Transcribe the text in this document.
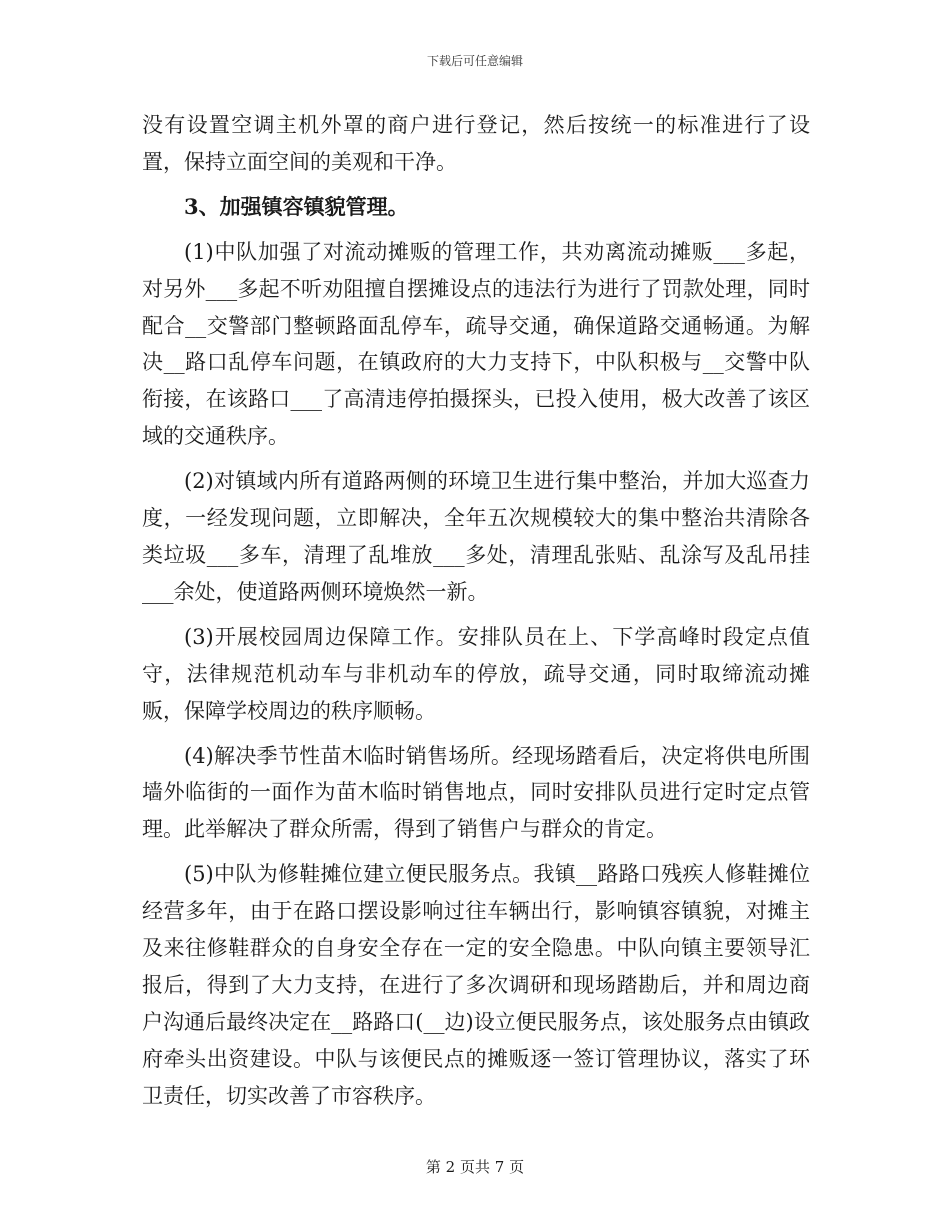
下载后可任意编辑

没有设置空调主机外罩的商户进行登记，然后按统一的标准进行了设置，保持立面空间的美观和干净。

3、加强镇容镇貌管理。

(1)中队加强了对流动摊贩的管理工作，共劝离流动摊贩___多起，对另外___多起不听劝阻擅自摆摊设点的违法行为进行了罚款处理，同时配合__交警部门整顿路面乱停车，疏导交通，确保道路交通畅通。为解决__路口乱停车问题，在镇政府的大力支持下，中队积极与__交警中队衔接，在该路口___了高清违停拍摄探头，已投入使用，极大改善了该区域的交通秩序。

(2)对镇域内所有道路两侧的环境卫生进行集中整治，并加大巡查力度，一经发现问题，立即解决，全年五次规模较大的集中整治共清除各类垃圾___多车，清理了乱堆放___多处，清理乱张贴、乱涂写及乱吊挂___余处，使道路两侧环境焕然一新。

(3)开展校园周边保障工作。安排队员在上、下学高峰时段定点值守，法律规范机动车与非机动车的停放，疏导交通，同时取缔流动摊贩，保障学校周边的秩序顺畅。

(4)解决季节性苗木临时销售场所。经现场踏看后，决定将供电所围墙外临街的一面作为苗木临时销售地点，同时安排队员进行定时定点管理。此举解决了群众所需，得到了销售户与群众的肯定。

(5)中队为修鞋摊位建立便民服务点。我镇__路路口残疾人修鞋摊位经营多年，由于在路口摆设影响过往车辆出行，影响镇容镇貌，对摊主及来往修鞋群众的自身安全存在一定的安全隐患。中队向镇主要领导汇报后，得到了大力支持，在进行了多次调研和现场踏勘后，并和周边商户沟通后最终决定在__路路口(__边)设立便民服务点，该处服务点由镇政府牵头出资建设。中队与该便民点的摊贩逐一签订管理协议，落实了环卫责任，切实改善了市容秩序。

第 2 页共 7 页
